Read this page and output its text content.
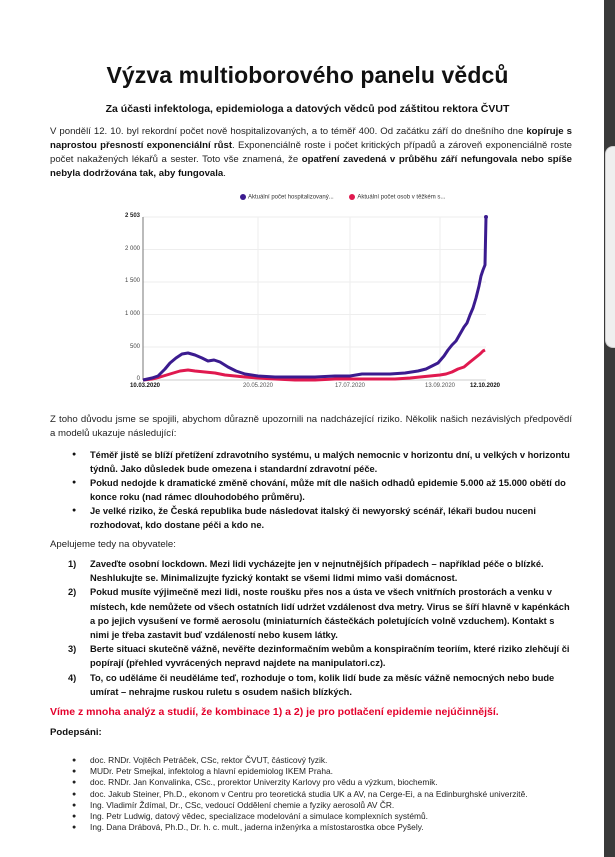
Výzva multioborového panelu vědců
Za účasti infektologa, epidemiologa a datových vědců pod záštitou rektora ČVUT
V pondělí 12. 10. byl rekordní počet nově hospitalizovaných, a to téměř 400. Od začátku září do dnešního dne kopíruje s naprostou přesností exponenciální růst. Exponenciálně roste i počet kritických případů a zároveň exponenciálně roste počet nakažených lékařů a sester. Toto vše znamená, že opatření zavedená v průběhu září nefungovala nebo spíše nebyla dodržována tak, aby fungovala.
Aktuální počet hospitalizovaný...	Aktuální počet osob v těžkém s...
2 503
2 000
1 500
1 000
500
0
10.03.2020	20.05.2020	17.07.2020	13.09.2020 12.10.2020
Z toho důvodu jsme se spojili, abychom důrazně upozornili na nadcházející riziko. Několik našich nezávislých předpovědí a modelů ukazuje následující:
● Téměř jistě se blíží přetížení zdravotního systému, u malých nemocnic v horizontu dní, u velkých v horizontu týdnů. Jako důsledek bude omezena i standardní zdravotní péče.
● Pokud nedojde k dramatické změně chování, může mít dle našich odhadů epidemie 5.000 až 15.000 obětí do konce roku (nad rámec dlouhodobého průměru).
● Je velké riziko, že Česká republika bude následovat italský či newyorský scénář, lékaři budou nuceni rozhodovat, kdo dostane péči a kdo ne.
Apelujeme tedy na obyvatele:
1) Zaveďte osobní lockdown. Mezi lidi vycházejte jen v nejnutnějších případech – například péče o blízké. Neshlukujte se. Minimalizujte fyzický kontakt se všemi lidmi mimo vaši domácnost.
2) Pokud musíte výjimečně mezi lidi, noste roušku přes nos a ústa ve všech vnitřních prostorách a venku v místech, kde nemůžete od všech ostatních lidí udržet vzdálenost dva metry. Virus se šíří hlavně v kapénkách a po jejich vysušení ve formě aerosolu (miniaturních částečkách poletujících volně vzduchem). Kontakt s nimi je třeba zastavit buď vzdáleností nebo kusem látky.
3) Berte situaci skutečně vážně, nevěřte dezinformačním webům a konspiračním teoriím, které riziko zlehčují či popírají (přehled vyvrácených nepravd najdete na manipulatori.cz).
4) To, co uděláme či neuděláme teď, rozhoduje o tom, kolik lidí bude za měsíc vážně nemocných nebo bude umírat – nehrajme ruskou ruletu s osudem našich blízkých.
Víme z mnoha analýz a studií, že kombinace 1) a 2) je pro potlačení epidemie nejúčinnější.
Podepsáni:
● doc. RNDr. Vojtěch Petráček, CSc, rektor ČVUT, částicový fyzik.
● MUDr. Petr Smejkal, infektolog a hlavní epidemiolog IKEM Praha.
● doc. RNDr. Jan Konvalinka, CSc., prorektor Univerzity Karlovy pro vědu a výzkum, biochemik.
● doc. Jakub Steiner, Ph.D., ekonom v Centru pro teoretická studia UK a AV, na Cerge-Ei, a na Edinburghské univerzitě.
● Ing. Vladimír Ždímal, Dr., CSc, vedoucí Oddělení chemie a fyziky aerosolů AV ČR.
● Ing. Petr Ludwig, datový vědec, specializace modelování a simulace komplexních systémů.
● Ing. Dana Drábová, Ph.D., Dr. h. c. mult., jaderna inženýrka a místostarostka obce Pyšely.
